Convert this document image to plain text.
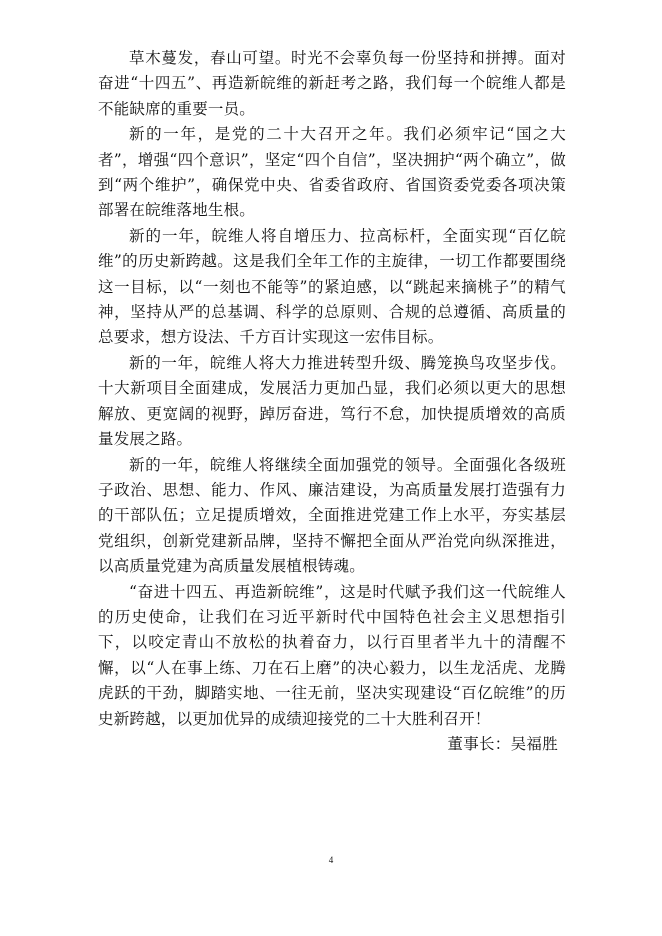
草木蔓发，春山可望。时光不会辜负每一份坚持和拼搏。面对奋进“十四五”、再造新皖维的新赶考之路，我们每一个皖维人都是不能缺席的重要一员。

新的一年，是党的二十大召开之年。我们必须牢记“国之大者”，增强“四个意识”，坚定“四个自信”，坚决拥护“两个确立”，做到“两个维护”，确保党中央、省委省政府、省国资委党委各项决策部署在皖维落地生根。

新的一年，皖维人将自增压力、拉高标杆，全面实现“百亿皖维”的历史新跨越。这是我们全年工作的主旋律，一切工作都要围绕这一目标，以“一刻也不能等”的紧迫感，以“跳起来摘桃子”的精气神，坚持从严的总基调、科学的总原则、合规的总遵循、高质量的总要求，想方设法、千方百计实现这一宏伟目标。

新的一年，皖维人将大力推进转型升级、腾笼换鸟攻坚步伐。十大新项目全面建成，发展活力更加凸显，我们必须以更大的思想解放、更宽阔的视野，踔厉奋进，笃行不怠，加快提质增效的高质量发展之路。

新的一年，皖维人将继续全面加强党的领导。全面强化各级班子政治、思想、能力、作风、廉洁建设，为高质量发展打造强有力的干部队伍；立足提质增效，全面推进党建工作上水平，夯实基层党组织，创新党建新品牌，坚持不懈把全面从严治党向纵深推进，以高质量党建为高质量发展植根铸魂。

“奋进十四五、再造新皖维”，这是时代赋予我们这一代皖维人的历史使命，让我们在习近平新时代中国特色社会主义思想指引下，以咬定青山不放松的执着奋力，以行百里者半九十的清醒不懈，以“人在事上练、刀在石上磨”的决心毅力，以生龙活虎、龙腾虎跃的干劲，脚踏实地、一往无前，坚决实现建设“百亿皖维”的历史新跨越，以更加优异的成绩迎接党的二十大胜利召开！

董事长：吴福胜
4
